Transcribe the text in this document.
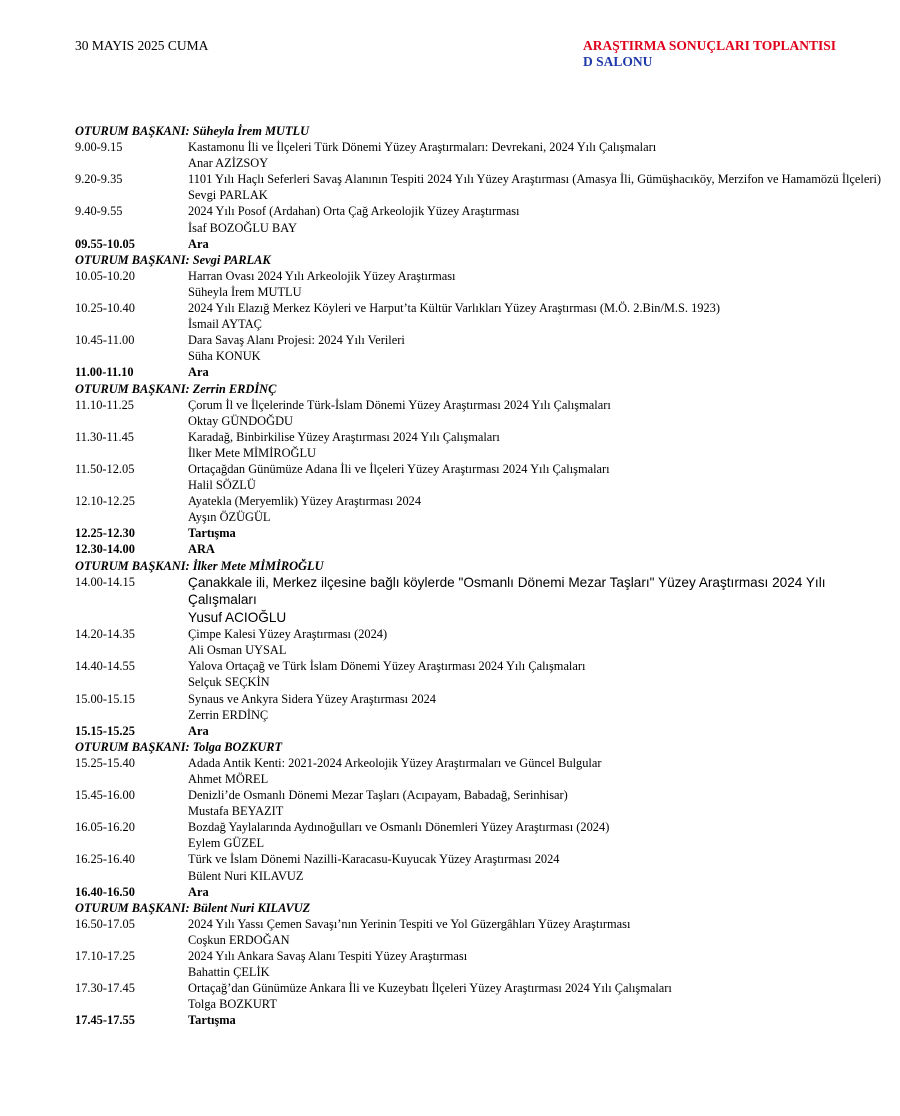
30 MAYIS 2025 CUMA	ARAŞTIRMA SONUÇLARI TOPLANTISI
D SALONU
OTURUM BAŞKANI: Süheyla İrem MUTLU
9.00-9.15	Kastamonu İli ve İlçeleri Türk Dönemi Yüzey Araştırmaları: Devrekani, 2024 Yılı Çalışmaları
Anar AZİZSOY
9.20-9.35	1101 Yılı Haçlı Seferleri Savaş Alanının Tespiti 2024 Yılı Yüzey Araştırması (Amasya İli, Gümüşhacıköy, Merzifon ve Hamamözü İlçeleri)
Sevgi PARLAK
9.40-9.55	2024 Yılı Posof (Ardahan) Orta Çağ Arkeolojik Yüzey Araştırması
İsaf BOZOĞLU BAY
09.55-10.05	Ara
OTURUM BAŞKANI: Sevgi PARLAK
10.05-10.20	Harran Ovası 2024 Yılı Arkeolojik Yüzey Araştırması
Süheyla İrem MUTLU
10.25-10.40	2024 Yılı Elazığ Merkez Köyleri ve Harput’ta Kültür Varlıkları Yüzey Araştırması (M.Ö. 2.Bin/M.S. 1923)
İsmail AYTAÇ
10.45-11.00	Dara Savaş Alanı Projesi: 2024 Yılı Verileri
Süha KONUK
11.00-11.10	Ara
OTURUM BAŞKANI: Zerrin ERDİNÇ
11.10-11.25	Çorum İl ve İlçelerinde Türk-İslam Dönemi Yüzey Araştırması 2024 Yılı Çalışmaları
Oktay GÜNDOĞDU
11.30-11.45	Karadağ, Binbirkilise Yüzey Araştırması 2024 Yılı Çalışmaları
İlker Mete MİMİROĞLU
11.50-12.05	Ortaçağdan Günümüze Adana İli ve İlçeleri Yüzey Araştırması 2024 Yılı Çalışmaları
Halil SÖZLÜ
12.10-12.25	Ayatekla (Meryemlik) Yüzey Araştırması 2024
Ayşın ÖZÜGÜL
12.25-12.30	Tartışma
12.30-14.00	ARA
OTURUM BAŞKANI: İlker Mete MİMİROĞLU
14.00-14.15	Çanakkale ili, Merkez ilçesine bağlı köylerde "Osmanlı Dönemi Mezar Taşları" Yüzey Araştırması 2024 Yılı Çalışmaları
Yusuf ACIOĞLU
14.20-14.35	Çimpe Kalesi Yüzey Araştırması (2024)
Ali Osman UYSAL
14.40-14.55	Yalova Ortaçağ ve Türk İslam Dönemi Yüzey Araştırması 2024 Yılı Çalışmaları
Selçuk SEÇKİN
15.00-15.15	Synaus ve Ankyra Sidera Yüzey Araştırması 2024
Zerrin ERDİNÇ
15.15-15.25	Ara
OTURUM BAŞKANI: Tolga BOZKURT
15.25-15.40	Adada Antik Kenti: 2021-2024 Arkeolojik Yüzey Araştırmaları ve Güncel Bulgular
Ahmet MÖREL
15.45-16.00	Denizli’de Osmanlı Dönemi Mezar Taşları (Acıpayam, Babadağ, Serinhisar)
Mustafa BEYAZIT
16.05-16.20	Bozdağ Yaylalarında Aydınoğulları ve Osmanlı Dönemleri Yüzey Araştırması (2024)
Eylem GÜZEL
16.25-16.40	Türk ve İslam Dönemi Nazilli-Karacasu-Kuyucak Yüzey Araştırması 2024
Bülent Nuri KILAVUZ
16.40-16.50	Ara
OTURUM BAŞKANI: Bülent Nuri KILAVUZ
16.50-17.05	2024 Yılı Yassı Çemen Savaşı’nın Yerinin Tespiti ve Yol Güzergâhları Yüzey Araştırması
Coşkun ERDOĞAN
17.10-17.25	2024 Yılı Ankara Savaş Alanı Tespiti Yüzey Araştırması
Bahattin ÇELİK
17.30-17.45	Ortaçağ’dan Günümüze Ankara İli ve Kuzeybatı İlçeleri Yüzey Araştırması 2024 Yılı Çalışmaları
Tolga BOZKURT
17.45-17.55	Tartışma
